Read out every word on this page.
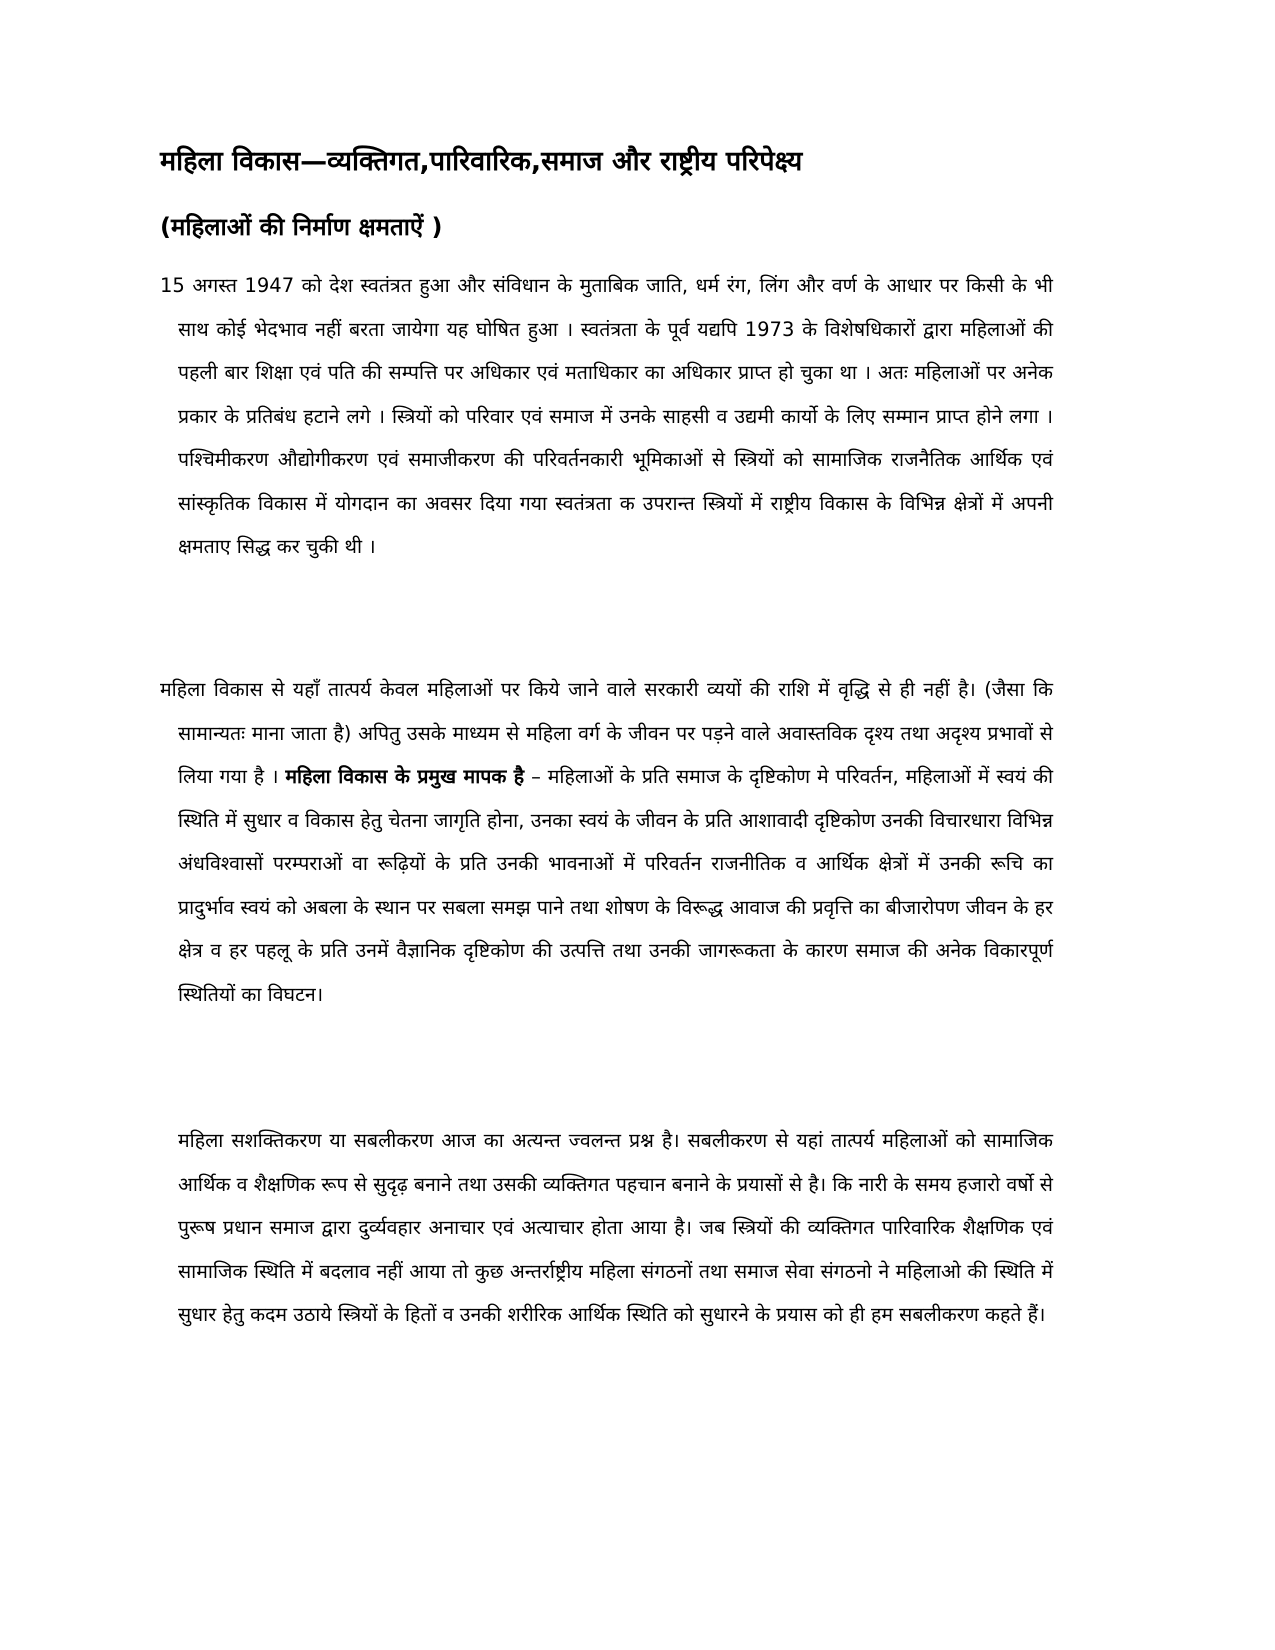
महिला विकास—व्यक्तिगत,पारिवारिक,समाज और राष्ट्रीय परिपेक्ष्य
(महिलाओं की निर्माण क्षमताऐं )

15 अगस्त 1947 को देश स्वतंत्रत हुआ और संविधान के मुताबिक जाति, धर्म रंग, लिंग और वर्ण के आधार पर किसी के भी साथ कोई भेदभाव नहीं बरता जायेगा यह घोषित हुआ । स्वतंत्रता के पूर्व यद्यपि 1973 के विशेषधिकारों द्वारा महिलाओं की पहली बार शिक्षा एवं पति की सम्पत्ति पर अधिकार एवं मताधिकार का अधिकार प्राप्त हो चुका था । अतः महिलाओं पर अनेक प्रकार के प्रतिबंध हटाने लगे । स्त्रियों को परिवार एवं समाज में उनके साहसी व उद्यमी कार्यो के लिए सम्मान प्राप्त होने लगा । पश्चिमीकरण औद्योगीकरण एवं समाजीकरण की परिवर्तनकारी भूमिकाओं से स्त्रियों को सामाजिक राजनैतिक आर्थिक एवं सांस्कृतिक विकास में योगदान का अवसर दिया गया स्वतंत्रता क उपरान्त स्त्रियों में राष्ट्रीय विकास के विभिन्न क्षेत्रों में अपनी क्षमताए सिद्ध कर चुकी थी ।

महिला विकास से यहाँ तात्पर्य केवल महिलाओं पर किये जाने वाले सरकारी व्ययों की राशि में वृद्धि से ही नहीं है। (जैसा कि सामान्यतः माना जाता है) अपितु उसके माध्यम से महिला वर्ग के जीवन पर पड़ने वाले अवास्तविक दृश्य तथा अदृश्य प्रभावों से लिया गया है । महिला विकास के प्रमुख मापक है – महिलाओं के प्रति समाज के दृष्टिकोण मे परिवर्तन, महिलाओं में स्वयं की स्थिति में सुधार व विकास हेतु चेतना जागृति होना, उनका स्वयं के जीवन के प्रति आशावादी दृष्टिकोण उनकी विचारधारा विभिन्न अंधविश्वासों परम्पराओं वा रूढ़ियों के प्रति उनकी भावनाओं में परिवर्तन राजनीतिक व आर्थिक क्षेत्रों में उनकी रूचि का प्रादुर्भाव स्वयं को अबला के स्थान पर सबला समझ पाने तथा शोषण के विरूद्ध आवाज की प्रवृत्ति का बीजारोपण जीवन के हर क्षेत्र व हर पहलू के प्रति उनमें वैज्ञानिक दृष्टिकोण की उत्पत्ति तथा उनकी जागरूकता के कारण समाज की अनेक विकारपूर्ण स्थितियों का विघटन।

महिला सशक्तिकरण या सबलीकरण आज का अत्यन्त ज्वलन्त प्रश्न है। सबलीकरण से यहां तात्पर्य महिलाओं को सामाजिक आर्थिक व शैक्षणिक रूप से सुदृढ़ बनाने तथा उसकी व्यक्तिगत पहचान बनाने के प्रयासों से है। कि नारी के समय हजारो वर्षो से पुरूष प्रधान समाज द्वारा दुर्व्यवहार अनाचार एवं अत्याचार होता आया है। जब स्त्रियों की व्यक्तिगत पारिवारिक शैक्षणिक एवं सामाजिक स्थिति में बदलाव नहीं आया तो कुछ अन्तर्राष्ट्रीय महिला संगठनों तथा समाज सेवा संगठनो ने महिलाओ की स्थिति में सुधार हेतु कदम उठाये स्त्रियों के हितों व उनकी शरीरिक आर्थिक स्थिति को सुधारने के प्रयास को ही हम सबलीकरण कहते हैं।
